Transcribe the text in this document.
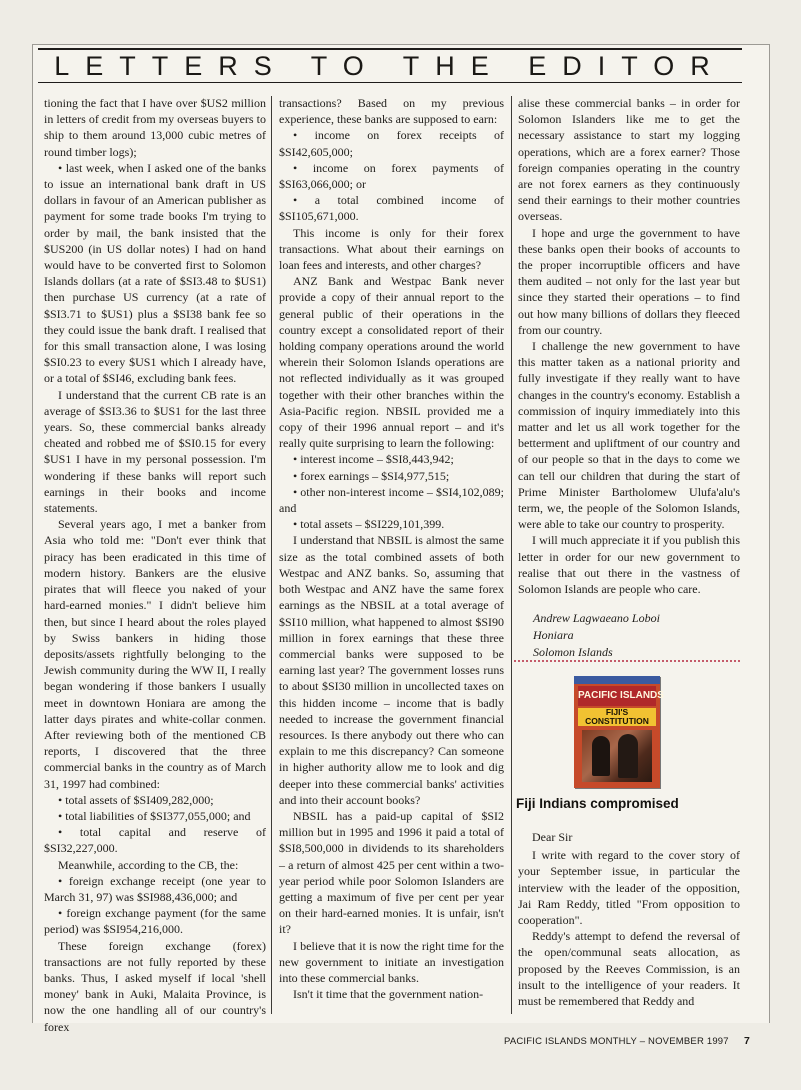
LETTERS TO THE EDITOR

tioning the fact that I have over $US2 million in letters of credit from my overseas buyers to ship to them around 13,000 cubic metres of round timber logs);

• last week, when I asked one of the banks to issue an international bank draft in US dollars in favour of an American publisher as payment for some trade books I'm trying to order by mail, the bank insisted that the $US200 (in US dollar notes) I had on hand would have to be converted first to Solomon Islands dollars (at a rate of $SI3.48 to $US1) then purchase US currency (at a rate of $SI3.71 to $US1) plus a $SI38 bank fee so they could issue the bank draft. I realised that for this small transaction alone, I was losing $SI0.23 to every $US1 which I already have, or a total of $SI46, excluding bank fees.

I understand that the current CB rate is an average of $SI3.36 to $US1 for the last three years. So, these commercial banks already cheated and robbed me of $SI0.15 for every $US1 I have in my personal possession. I'm wondering if these banks will report such earnings in their books and income statements.

Several years ago, I met a banker from Asia who told me: "Don't ever think that piracy has been eradicated in this time of modern history. Bankers are the elusive pirates that will fleece you naked of your hard-earned monies." I didn't believe him then, but since I heard about the roles played by Swiss bankers in hiding those deposits/assets rightfully belonging to the Jewish community during the WW II, I really began wondering if those bankers I usually meet in downtown Honiara are among the latter days pirates and white-collar conmen. After reviewing both of the mentioned CB reports, I discovered that the three commercial banks in the country as of March 31, 1997 had combined:

• total assets of $SI409,282,000;

• total liabilities of $SI377,055,000; and

• total capital and reserve of $SI32,227,000.

Meanwhile, according to the CB, the:

• foreign exchange receipt (one year to March 31, 97) was $SI988,436,000; and

• foreign exchange payment (for the same period) was $SI954,216,000.

These foreign exchange (forex) transactions are not fully reported by these banks. Thus, I asked myself if local 'shell money' bank in Auki, Malaita Province, is now the one handling all of our country's forex

transactions? Based on my previous experience, these banks are supposed to earn:

• income on forex receipts of $SI42,605,000;

• income on forex payments of $SI63,066,000; or

• a total combined income of $SI105,671,000.

This income is only for their forex transactions. What about their earnings on loan fees and interests, and other charges?

ANZ Bank and Westpac Bank never provide a copy of their annual report to the general public of their operations in the country except a consolidated report of their holding company operations around the world wherein their Solomon Islands operations are not reflected individually as it was grouped together with their other branches within the Asia-Pacific region. NBSIL provided me a copy of their 1996 annual report – and it's really quite surprising to learn the following:

• interest income – $SI8,443,942;

• forex earnings – $SI4,977,515;

• other non-interest income – $SI4,102,089; and

• total assets – $SI229,101,399.

I understand that NBSIL is almost the same size as the total combined assets of both Westpac and ANZ banks. So, assuming that both Westpac and ANZ have the same forex earnings as the NBSIL at a total average of $SI10 million, what happened to almost $SI90 million in forex earnings that these three commercial banks were supposed to be earning last year? The government losses runs to about $SI30 million in uncollected taxes on this hidden income – income that is badly needed to increase the government financial resources. Is there anybody out there who can explain to me this discrepancy? Can someone in higher authority allow me to look and dig deeper into these commercial banks' activities and into their account books?

NBSIL has a paid-up capital of $SI2 million but in 1995 and 1996 it paid a total of $SI8,500,000 in dividends to its shareholders – a return of almost 425 per cent within a two-year period while poor Solomon Islanders are getting a maximum of five per cent per year on their hard-earned monies. It is unfair, isn't it?

I believe that it is now the right time for the new government to initiate an investigation into these commercial banks.

Isn't it time that the government nation-

alise these commercial banks – in order for Solomon Islanders like me to get the necessary assistance to start my logging operations, which are a forex earner? Those foreign companies operating in the country are not forex earners as they continuously send their earnings to their mother countries overseas.

I hope and urge the government to have these banks open their books of accounts to the proper incorruptible officers and have them audited – not only for the last year but since they started their operations – to find out how many billions of dollars they fleeced from our country.

I challenge the new government to have this matter taken as a national priority and fully investigate if they really want to have changes in the country's economy. Establish a commission of inquiry immediately into this matter and let us all work together for the betterment and upliftment of our country and of our people so that in the days to come we can tell our children that during the start of Prime Minister Bartholomew Ulufa'alu's term, we, the people of the Solomon Islands, were able to take our country to prosperity.

I will much appreciate it if you publish this letter in order for our new government to realise that out there in the vastness of Solomon Islands are people who care.

Andrew Lagwaeano Loboi
Honiara
Solomon Islands
PACIFIC ISLANDS
FIJI'S CONSTITUTION
Fiji Indians compromised

Dear Sir

I write with regard to the cover story of your September issue, in particular the interview with the leader of the opposition, Jai Ram Reddy, titled "From opposition to cooperation".

Reddy's attempt to defend the reversal of the open/communal seats allocation, as proposed by the Reeves Commission, is an insult to the intelligence of your readers. It must be remembered that Reddy and

PACIFIC ISLANDS MONTHLY – NOVEMBER 1997 7
